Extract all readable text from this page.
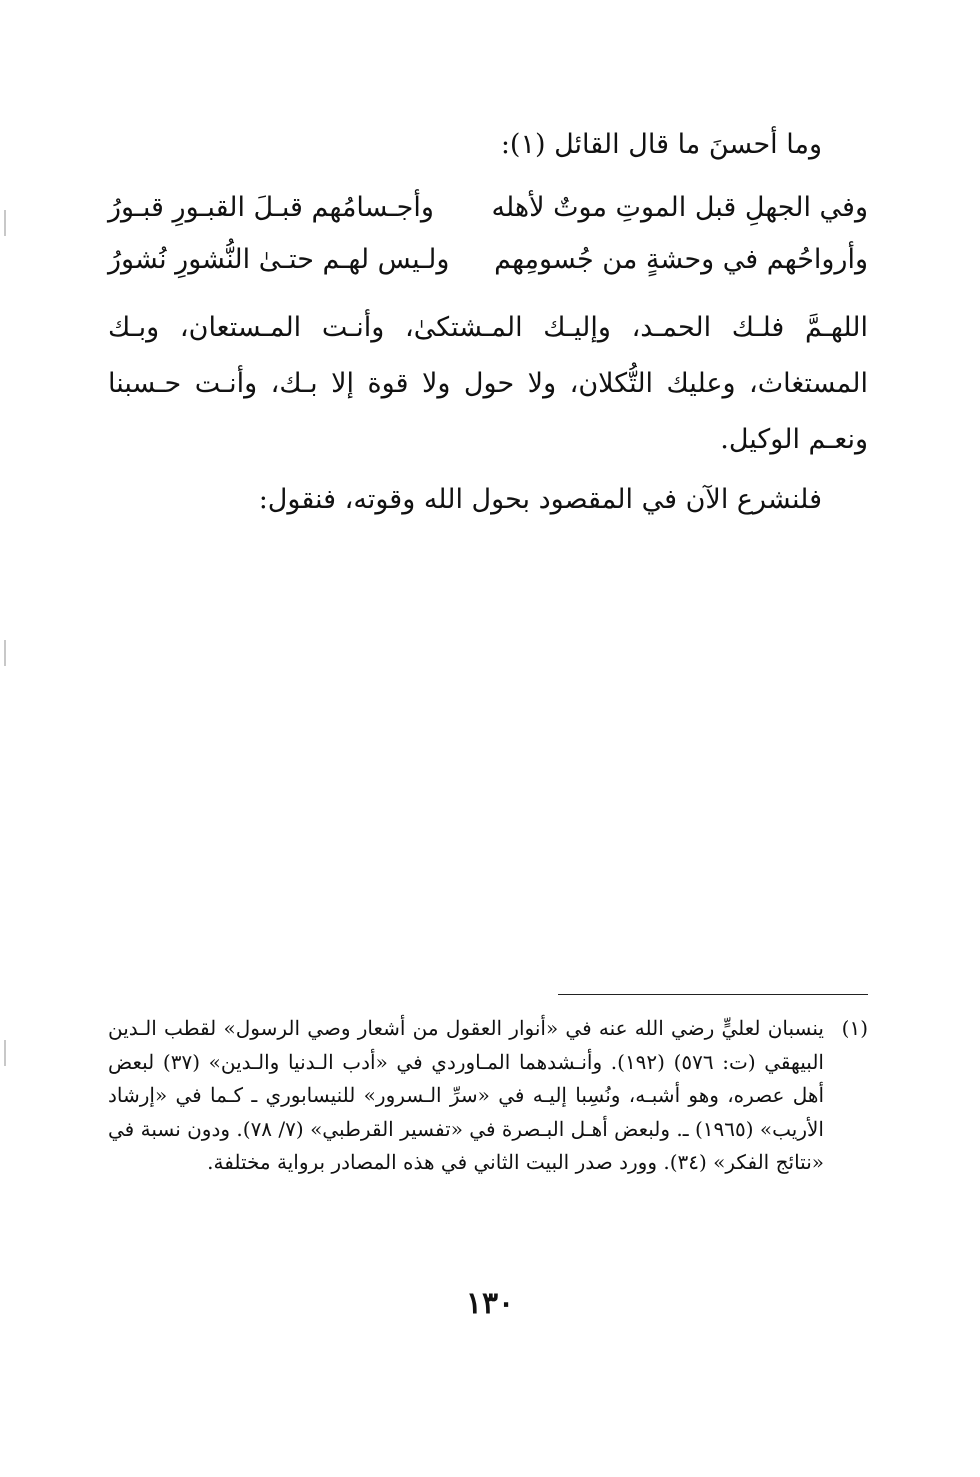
وما أحسنَ ما قال القائل (١):
وفي الجهلِ قبل الموتِ موتٌ لأهله
وأجـسامُهم قبـلَ القبـورِ قبـورُ
وأرواحُهم في وحشةٍ من جُسومِهم
ولـيس لهـم حتـىٰ النُّشورِ نُشورُ
اللهـمَّ فلـك الحمـد، وإليـك المـشتكىٰ، وأنـت المـستعان، وبـك المستغاث، وعليك التُّكلان، ولا حول ولا قوة إلا بـك، وأنـت حـسبنا ونعـم الوكيل.
فلنشرع الآن في المقصود بحول الله وقوته، فنقول:
(١)
ينسبان لعليٍّ رضي الله عنه في «أنوار العقول من أشعار وصي الرسول» لقطب الـدين البيهقي (ت: ٥٧٦) (١٩٢). وأنـشدهما المـاوردي في «أدب الـدنيا والـدين» (٣٧) لبعض أهل عصره، وهو أشبـه، ونُسِبا إليـه في «سرِّ الـسرور» للنيسابوري ـ كـما في «إرشاد الأريب» (١٩٦٥) ـ. ولبعض أهـل البـصرة في «تفسير القرطبي» (٧/ ٧٨). ودون نسبة في «نتائج الفكر» (٣٤). وورد صدر البيت الثاني في هذه المصادر برواية مختلفة.
١٣٠
